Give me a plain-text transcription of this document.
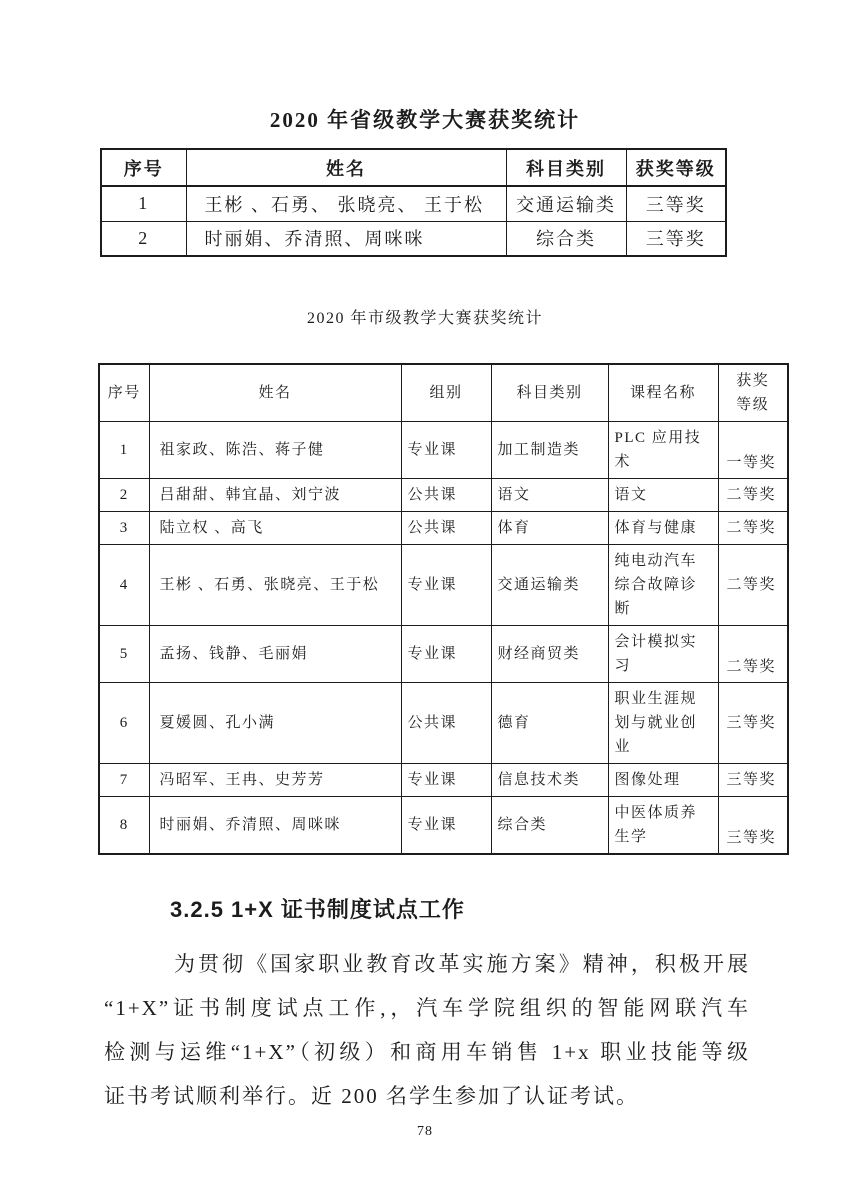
2020 年省级教学大赛获奖统计
序号	姓名	科目类别	获奖等级
1	王彬 、石勇、 张晓亮、 王于松	交通运输类	三等奖
2	时丽娟、乔清照、周咪咪	综合类	三等奖
2020 年市级教学大赛获奖统计
序号	姓名	组别	科目类别	课程名称	获奖等级
1	祖家政、陈浩、蒋子健	专业课	加工制造类	PLC 应用技术	一等奖
2	吕甜甜、韩宜晶、刘宁波	公共课	语文	语文	二等奖
3	陆立权 、高飞	公共课	体育	体育与健康	二等奖
4	王彬 、石勇、张晓亮、王于松	专业课	交通运输类	纯电动汽车综合故障诊断	二等奖
5	孟扬、钱静、毛丽娟	专业课	财经商贸类	会计模拟实习	二等奖
6	夏媛圆、孔小满	公共课	德育	职业生涯规划与就业创业	三等奖
7	冯昭军、王冉、史芳芳	专业课	信息技术类	图像处理	三等奖
8	时丽娟、乔清照、周咪咪	专业课	综合类	中医体质养生学	三等奖
3.2.5 1+X 证书制度试点工作
为贯彻《国家职业教育改革实施方案》精神，积极开展
“1+X”证书制度试点工作,，汽车学院组织的智能网联汽车
检测与运维“1+X”（初级）和商用车销售 1+x 职业技能等级
证书考试顺利举行。近 200 名学生参加了认证考试。
78
